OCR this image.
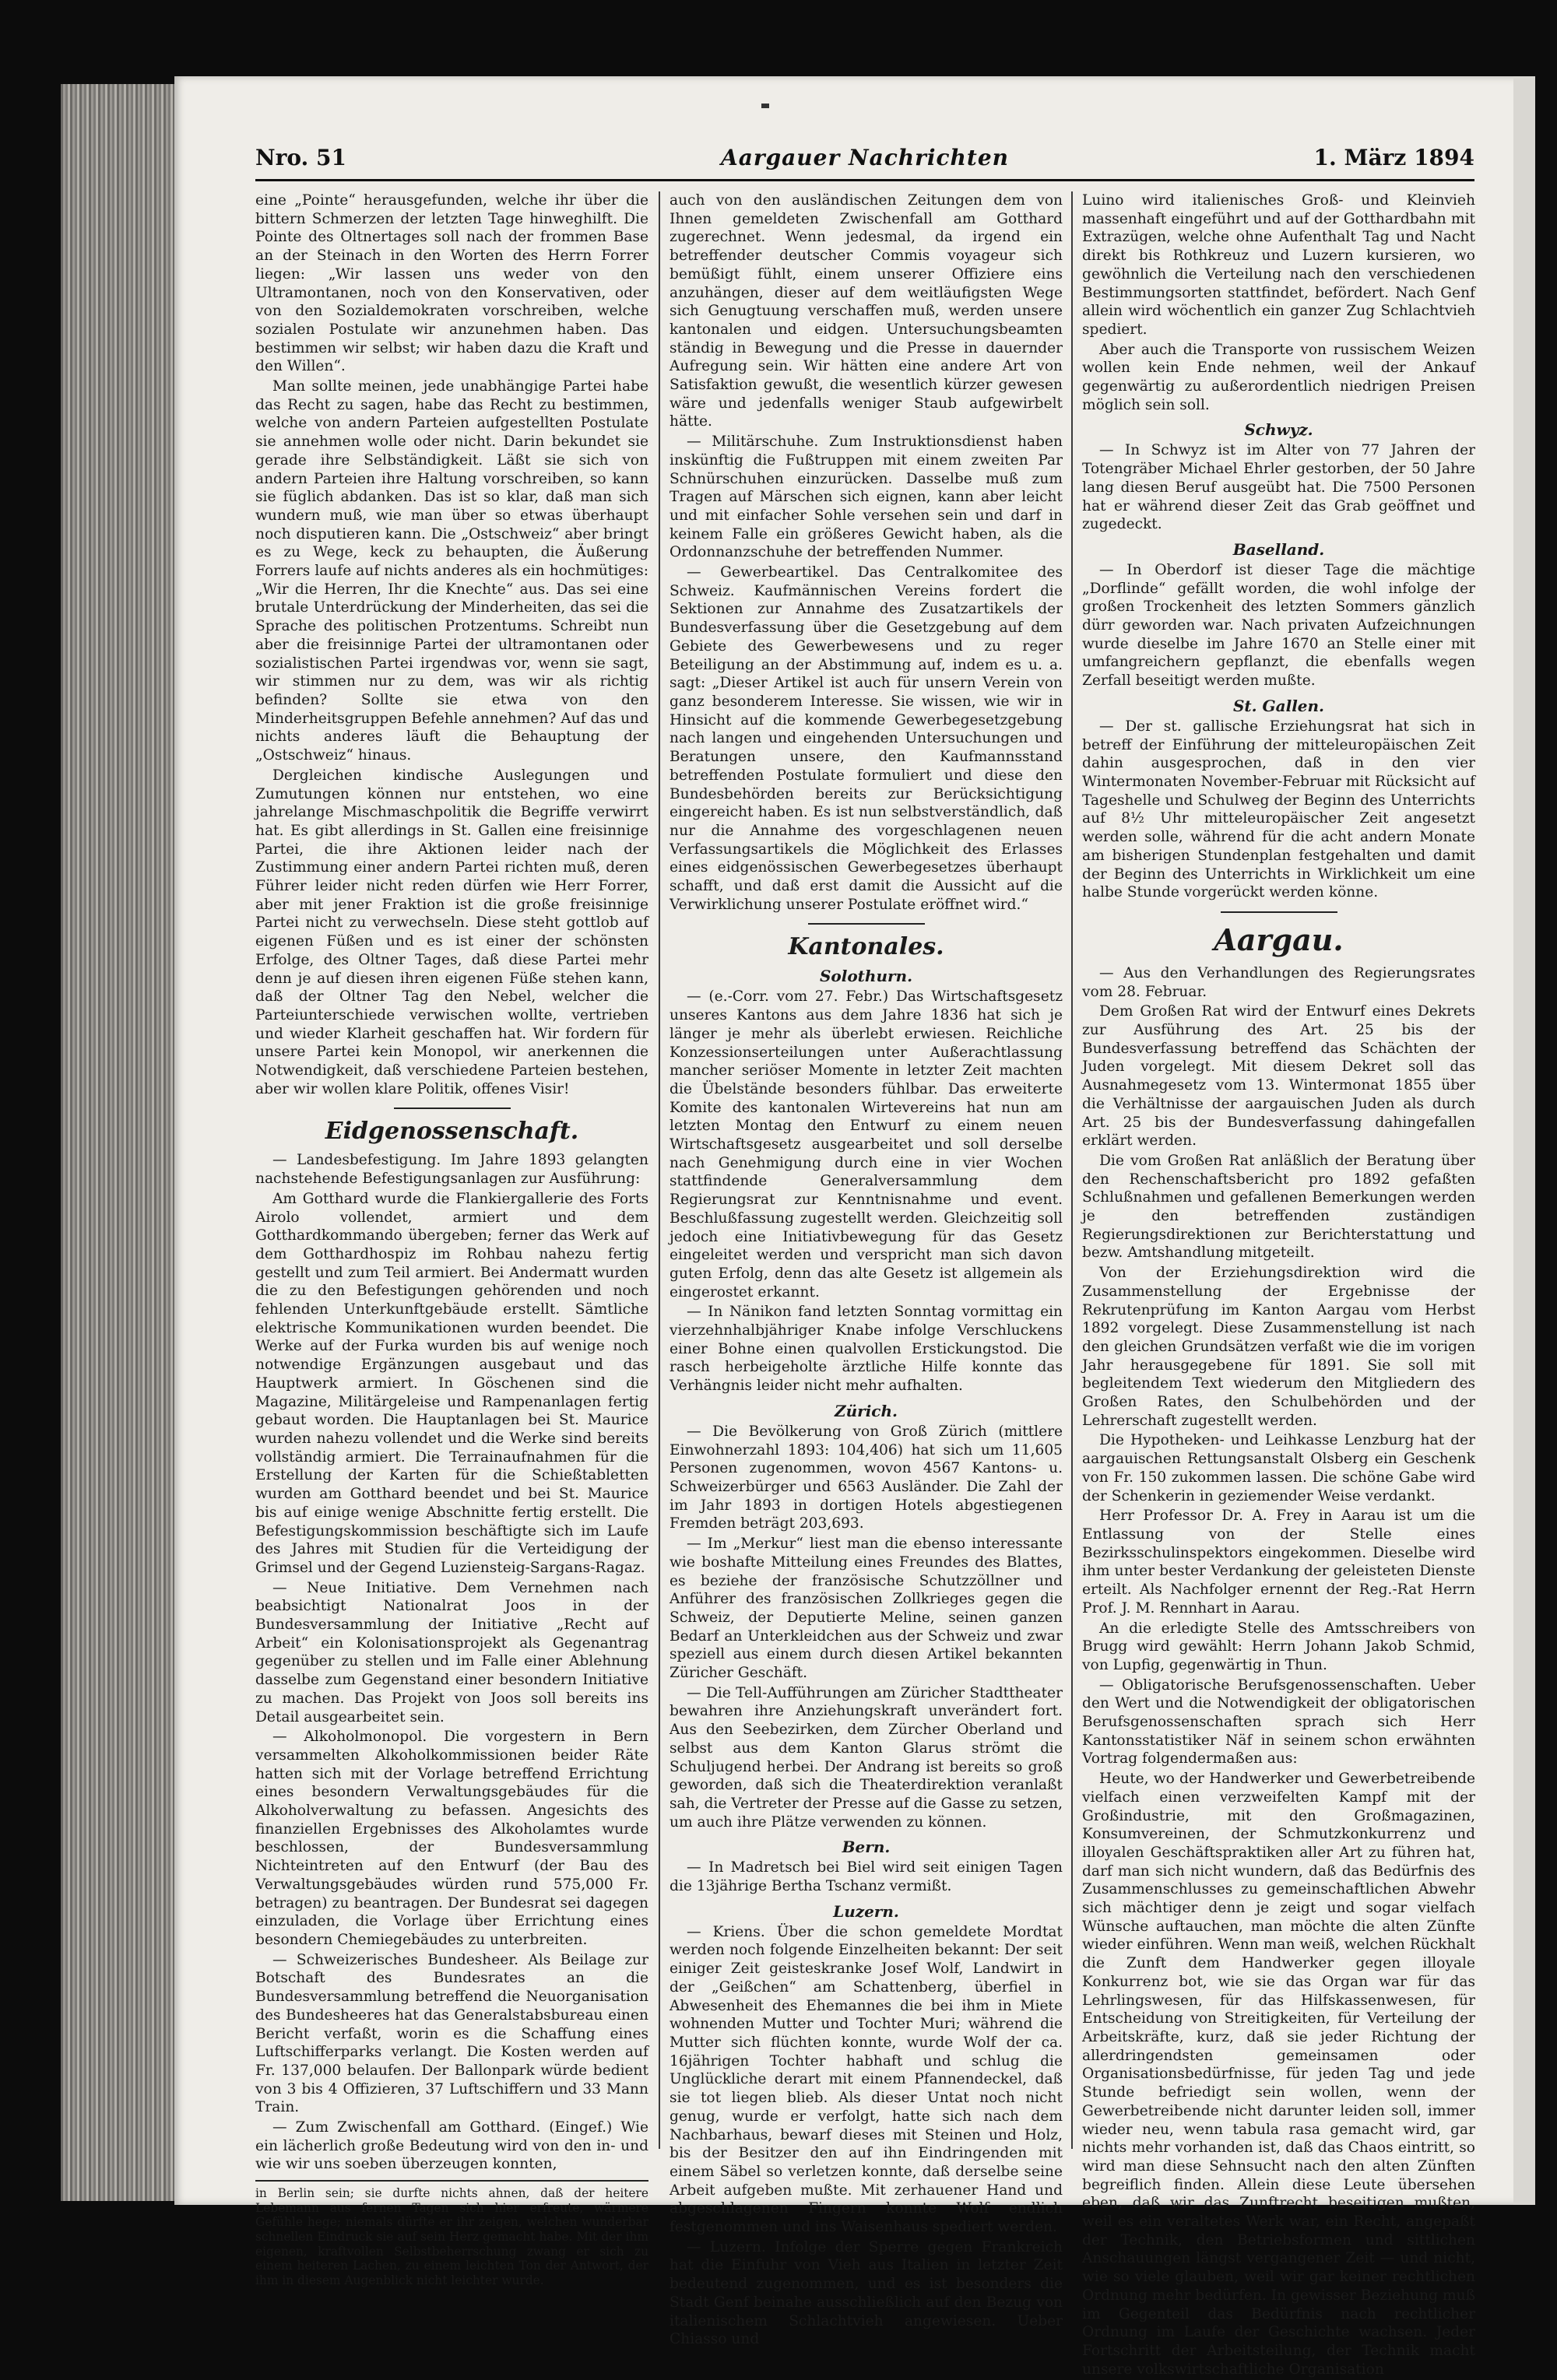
Nro. 51	Aargauer Nachrichten	1. März 1894

eine „Pointe“ herausgefunden, welche ihr über die bittern Schmerzen der letzten Tage hinweghilft. Die Pointe des Oltnertages soll nach der frommen Base an der Steinach in den Worten des Herrn Forrer liegen: „Wir lassen uns weder von den Ultramontanen, noch von den Konservativen, oder von den Sozialdemokraten vorschreiben, welche sozialen Postulate wir anzunehmen haben. Das bestimmen wir selbst; wir haben dazu die Kraft und den Willen“.

Man sollte meinen, jede unabhängige Partei habe das Recht zu sagen, habe das Recht zu bestimmen, welche von andern Parteien aufgestellten Postulate sie annehmen wolle oder nicht. Darin bekundet sie gerade ihre Selbständigkeit. Läßt sie sich von andern Parteien ihre Haltung vorschreiben, so kann sie füglich abdanken. Das ist so klar, daß man sich wundern muß, wie man über so etwas überhaupt noch disputieren kann. Die „Ostschweiz“ aber bringt es zu Wege, keck zu behaupten, die Äußerung Forrers laufe auf nichts anderes als ein hochmütiges: „Wir die Herren, Ihr die Knechte“ aus. Das sei eine brutale Unterdrückung der Minderheiten, das sei die Sprache des politischen Protzentums. Schreibt nun aber die freisinnige Partei der ultramontanen oder sozialistischen Partei irgendwas vor, wenn sie sagt, wir stimmen nur zu dem, was wir als richtig befinden? Sollte sie etwa von den Minderheitsgruppen Befehle annehmen? Auf das und nichts anderes läuft die Behauptung der „Ostschweiz“ hinaus.

Dergleichen kindische Auslegungen und Zumutungen können nur entstehen, wo eine jahrelange Mischmaschpolitik die Begriffe verwirrt hat. Es gibt allerdings in St. Gallen eine freisinnige Partei, die ihre Aktionen leider nach der Zustimmung einer andern Partei richten muß, deren Führer leider nicht reden dürfen wie Herr Forrer, aber mit jener Fraktion ist die große freisinnige Partei nicht zu verwechseln. Diese steht gottlob auf eigenen Füßen und es ist einer der schönsten Erfolge, des Oltner Tages, daß diese Partei mehr denn je auf diesen ihren eigenen Füße stehen kann, daß der Oltner Tag den Nebel, welcher die Parteiunterschiede verwischen wollte, vertrieben und wieder Klarheit geschaffen hat. Wir fordern für unsere Partei kein Monopol, wir anerkennen die Notwendigkeit, daß verschiedene Parteien bestehen, aber wir wollen klare Politik, offenes Visir!

Eidgenossenschaft.

— Landesbefestigung. Im Jahre 1893 gelangten nachstehende Befestigungsanlagen zur Ausführung:

Am Gotthard wurde die Flankiergallerie des Forts Airolo vollendet, armiert und dem Gotthardkommando übergeben; ferner das Werk auf dem Gotthardhospiz im Rohbau nahezu fertig gestellt und zum Teil armiert. Bei Andermatt wurden die zu den Befestigungen gehörenden und noch fehlenden Unterkunftgebäude erstellt. Sämtliche elektrische Kommunikationen wurden beendet. Die Werke auf der Furka wurden bis auf wenige noch notwendige Ergänzungen ausgebaut und das Hauptwerk armiert. In Göschenen sind die Magazine, Militärgeleise und Rampenanlagen fertig gebaut worden. Die Hauptanlagen bei St. Maurice wurden nahezu vollendet und die Werke sind bereits vollständig armiert. Die Terrainaufnahmen für die Erstellung der Karten für die Schießtabletten wurden am Gotthard beendet und bei St. Maurice bis auf einige wenige Abschnitte fertig erstellt. Die Befestigungskommission beschäftigte sich im Laufe des Jahres mit Studien für die Verteidigung der Grimsel und der Gegend Luziensteig-Sargans-Ragaz.

— Neue Initiative. Dem Vernehmen nach beabsichtigt Nationalrat Joos in der Bundesversammlung der Initiative „Recht auf Arbeit“ ein Kolonisationsprojekt als Gegenantrag gegenüber zu stellen und im Falle einer Ablehnung dasselbe zum Gegenstand einer besondern Initiative zu machen. Das Projekt von Joos soll bereits ins Detail ausgearbeitet sein.

— Alkoholmonopol. Die vorgestern in Bern versammelten Alkoholkommissionen beider Räte hatten sich mit der Vorlage betreffend Errichtung eines besondern Verwaltungsgebäudes für die Alkoholverwaltung zu befassen. Angesichts des finanziellen Ergebnisses des Alkoholamtes wurde beschlossen, der Bundesversammlung Nichteintreten auf den Entwurf (der Bau des Verwaltungsgebäudes würden rund 575,000 Fr. betragen) zu beantragen. Der Bundesrat sei dagegen einzuladen, die Vorlage über Errichtung eines besondern Chemiegebäudes zu unterbreiten.

— Schweizerisches Bundesheer. Als Beilage zur Botschaft des Bundesrates an die Bundesversammlung betreffend die Neuorganisation des Bundesheeres hat das Generalstabsbureau einen Bericht verfaßt, worin es die Schaffung eines Luftschifferparks verlangt. Die Kosten werden auf Fr. 137,000 belaufen. Der Ballonpark würde bedient von 3 bis 4 Offizieren, 37 Luftschiffern und 33 Mann Train.

— Zum Zwischenfall am Gotthard. (Eingef.) Wie ein lächerlich große Bedeutung wird von den in- und wie wir uns soeben überzeugen konnten,

in Berlin sein; sie durfte nichts ahnen, daß der heitere Lebemann aus fernen Tagen sich hier erfreute, wärmere Gefühle hege; niemals dürfte er ihr zeigen, welchen wunderbar schnellen Eindruck sie auf sein Herz gemacht habe. Mit der ihm eigenen, kraftvollen Selbstbeherrschung zwang er sich zu einem heiteren Lachen, zu einem leichten Ton der Antwort, der ihm in diesem Augenblick nicht leichter wurde.

auch von den ausländischen Zeitungen dem von Ihnen gemeldeten Zwischenfall am Gotthard zugerechnet. Wenn jedesmal, da irgend ein betreffender deutscher Commis voyageur sich bemüßigt fühlt, einem unserer Offiziere eins anzuhängen, dieser auf dem weitläufigsten Wege sich Genugtuung verschaffen muß, werden unsere kantonalen und eidgen. Untersuchungsbeamten ständig in Bewegung und die Presse in dauernder Aufregung sein. Wir hätten eine andere Art von Satisfaktion gewußt, die wesentlich kürzer gewesen wäre und jedenfalls weniger Staub aufgewirbelt hätte.

— Militärschuhe. Zum Instruktionsdienst haben inskünftig die Fußtruppen mit einem zweiten Par Schnürschuhen einzurücken. Dasselbe muß zum Tragen auf Märschen sich eignen, kann aber leicht und mit einfacher Sohle versehen sein und darf in keinem Falle ein größeres Gewicht haben, als die Ordonnanzschuhe der betreffenden Nummer.

— Gewerbeartikel. Das Centralkomitee des Schweiz. Kaufmännischen Vereins fordert die Sektionen zur Annahme des Zusatzartikels der Bundesverfassung über die Gesetzgebung auf dem Gebiete des Gewerbewesens und zu reger Beteiligung an der Abstimmung auf, indem es u. a. sagt: „Dieser Artikel ist auch für unsern Verein von ganz besonderem Interesse. Sie wissen, wie wir in Hinsicht auf die kommende Gewerbegesetzgebung nach langen und eingehenden Untersuchungen und Beratungen unsere, den Kaufmannsstand betreffenden Postulate formuliert und diese den Bundesbehörden bereits zur Berücksichtigung eingereicht haben. Es ist nun selbstverständlich, daß nur die Annahme des vorgeschlagenen neuen Verfassungsartikels die Möglichkeit des Erlasses eines eidgenössischen Gewerbegesetzes überhaupt schafft, und daß erst damit die Aussicht auf die Verwirklichung unserer Postulate eröffnet wird.“

Kantonales.
Solothurn.

— (e.-Corr. vom 27. Febr.) Das Wirtschaftsgesetz unseres Kantons aus dem Jahre 1836 hat sich je länger je mehr als überlebt erwiesen. Reichliche Konzessionserteilungen unter Außerachtlassung mancher seriöser Momente in letzter Zeit machten die Übelstände besonders fühlbar. Das erweiterte Komite des kantonalen Wirtevereins hat nun am letzten Montag den Entwurf zu einem neuen Wirtschaftsgesetz ausgearbeitet und soll derselbe nach Genehmigung durch eine in vier Wochen stattfindende Generalversammlung dem Regierungsrat zur Kenntnisnahme und event. Beschlußfassung zugestellt werden. Gleichzeitig soll jedoch eine Initiativbewegung für das Gesetz eingeleitet werden und verspricht man sich davon guten Erfolg, denn das alte Gesetz ist allgemein als eingerostet erkannt.

— In Nänikon fand letzten Sonntag vormittag ein vierzehnhalbjähriger Knabe infolge Verschluckens einer Bohne einen qualvollen Erstickungstod. Die rasch herbeigeholte ärztliche Hilfe konnte das Verhängnis leider nicht mehr aufhalten.

Zürich.

— Die Bevölkerung von Groß Zürich (mittlere Einwohnerzahl 1893: 104,406) hat sich um 11,605 Personen zugenommen, wovon 4567 Kantons- u. Schweizerbürger und 6563 Ausländer. Die Zahl der im Jahr 1893 in dortigen Hotels abgestiegenen Fremden beträgt 203,693.

— Im „Merkur“ liest man die ebenso interessante wie boshafte Mitteilung eines Freundes des Blattes, es beziehe der französische Schutzzöllner und Anführer des französischen Zollkrieges gegen die Schweiz, der Deputierte Meline, seinen ganzen Bedarf an Unterkleidchen aus der Schweiz und zwar speziell aus einem durch diesen Artikel bekannten Züricher Geschäft.

— Die Tell-Aufführungen am Züricher Stadttheater bewahren ihre Anziehungskraft unverändert fort. Aus den Seebezirken, dem Zürcher Oberland und selbst aus dem Kanton Glarus strömt die Schuljugend herbei. Der Andrang ist bereits so groß geworden, daß sich die Theaterdirektion veranlaßt sah, die Vertreter der Presse auf die Gasse zu setzen, um auch ihre Plätze verwenden zu können.

Bern.

— In Madretsch bei Biel wird seit einigen Tagen die 13jährige Bertha Tschanz vermißt.

Luzern.

— Kriens. Über die schon gemeldete Mordtat werden noch folgende Einzelheiten bekannt: Der seit einiger Zeit geisteskranke Josef Wolf, Landwirt in der „Geißchen“ am Schattenberg, überfiel in Abwesenheit des Ehemannes die bei ihm in Miete wohnenden Mutter und Tochter Muri; während die Mutter sich flüchten konnte, wurde Wolf der ca. 16jährigen Tochter habhaft und schlug die Unglückliche derart mit einem Pfannendeckel, daß sie tot liegen blieb. Als dieser Untat noch nicht genug, wurde er verfolgt, hatte sich nach dem Nachbarhaus, bewarf dieses mit Steinen und Holz, bis der Besitzer den auf ihn Eindringenden mit einem Säbel so verletzen konnte, daß derselbe seine Arbeit aufgeben mußte. Mit zerhauener Hand und abgeschlagenen Fingern konnte Wolf endlich festgenommen und ins Waisenhaus spediert werden.

— Luzern. Infolge der Sperre gegen Frankreich hat die Einfuhr von Vieh aus Italien in letzter Zeit bedeutend zugenommen, und es ist besonders die Stadt Genf beinahe ausschließlich auf den Bezug von italienischem Schlachtvieh angewiesen. Ueber Chiasso und

Luino wird italienisches Groß- und Kleinvieh massenhaft eingeführt und auf der Gotthardbahn mit Extrazügen, welche ohne Aufenthalt Tag und Nacht direkt bis Rothkreuz und Luzern kursieren, wo gewöhnlich die Verteilung nach den verschiedenen Bestimmungsorten stattfindet, befördert. Nach Genf allein wird wöchentlich ein ganzer Zug Schlachtvieh spediert.

Aber auch die Transporte von russischem Weizen wollen kein Ende nehmen, weil der Ankauf gegenwärtig zu außerordentlich niedrigen Preisen möglich sein soll.

Schwyz.

— In Schwyz ist im Alter von 77 Jahren der Totengräber Michael Ehrler gestorben, der 50 Jahre lang diesen Beruf ausgeübt hat. Die 7500 Personen hat er während dieser Zeit das Grab geöffnet und zugedeckt.

Baselland.

— In Oberdorf ist dieser Tage die mächtige „Dorflinde“ gefällt worden, die wohl infolge der großen Trockenheit des letzten Sommers gänzlich dürr geworden war. Nach privaten Aufzeichnungen wurde dieselbe im Jahre 1670 an Stelle einer mit umfangreichern gepflanzt, die ebenfalls wegen Zerfall beseitigt werden mußte.

St. Gallen.

— Der st. gallische Erziehungsrat hat sich in betreff der Einführung der mitteleuropäischen Zeit dahin ausgesprochen, daß in den vier Wintermonaten November-Februar mit Rücksicht auf Tageshelle und Schulweg der Beginn des Unterrichts auf 8½ Uhr mitteleuropäischer Zeit angesetzt werden solle, während für die acht andern Monate am bisherigen Stundenplan festgehalten und damit der Beginn des Unterrichts in Wirklichkeit um eine halbe Stunde vorgerückt werden könne.

Aargau.

— Aus den Verhandlungen des Regierungsrates vom 28. Februar.

Dem Großen Rat wird der Entwurf eines Dekrets zur Ausführung des Art. 25 bis der Bundesverfassung betreffend das Schächten der Juden vorgelegt. Mit diesem Dekret soll das Ausnahmegesetz vom 13. Wintermonat 1855 über die Verhältnisse der aargauischen Juden als durch Art. 25 bis der Bundesverfassung dahingefallen erklärt werden.

Die vom Großen Rat anläßlich der Beratung über den Rechenschaftsbericht pro 1892 gefaßten Schlußnahmen und gefallenen Bemerkungen werden je den betreffenden zuständigen Regierungsdirektionen zur Berichterstattung und bezw. Amtshandlung mitgeteilt.

Von der Erziehungsdirektion wird die Zusammenstellung der Ergebnisse der Rekrutenprüfung im Kanton Aargau vom Herbst 1892 vorgelegt. Diese Zusammenstellung ist nach den gleichen Grundsätzen verfaßt wie die im vorigen Jahr herausgegebene für 1891. Sie soll mit begleitendem Text wiederum den Mitgliedern des Großen Rates, den Schulbehörden und der Lehrerschaft zugestellt werden.

Die Hypotheken- und Leihkasse Lenzburg hat der aargauischen Rettungsanstalt Olsberg ein Geschenk von Fr. 150 zukommen lassen. Die schöne Gabe wird der Schenkerin in geziemender Weise verdankt.

Herr Professor Dr. A. Frey in Aarau ist um die Entlassung von der Stelle eines Bezirksschulinspektors eingekommen. Dieselbe wird ihm unter bester Verdankung der geleisteten Dienste erteilt. Als Nachfolger ernennt der Reg.-Rat Herrn Prof. J. M. Rennhart in Aarau.

An die erledigte Stelle des Amtsschreibers von Brugg wird gewählt: Herrn Johann Jakob Schmid, von Lupfig, gegenwärtig in Thun.

— Obligatorische Berufsgenossenschaften. Ueber den Wert und die Notwendigkeit der obligatorischen Berufsgenossenschaften sprach sich Herr Kantonsstatistiker Näf in seinem schon erwähnten Vortrag folgendermaßen aus:

Heute, wo der Handwerker und Gewerbetreibende vielfach einen verzweifelten Kampf mit der Großindustrie, mit den Großmagazinen, Konsumvereinen, der Schmutzkonkurrenz und illoyalen Geschäftspraktiken aller Art zu führen hat, darf man sich nicht wundern, daß das Bedürfnis des Zusammenschlusses zu gemeinschaftlichen Abwehr sich mächtiger denn je zeigt und sogar vielfach Wünsche auftauchen, man möchte die alten Zünfte wieder einführen. Wenn man weiß, welchen Rückhalt die Zunft dem Handwerker gegen illoyale Konkurrenz bot, wie sie das Organ war für das Lehrlingswesen, für das Hilfskassenwesen, für Entscheidung von Streitigkeiten, für Verteilung der Arbeitskräfte, kurz, daß sie jeder Richtung der allerdringendsten gemeinsamen oder Organisationsbedürfnisse, für jeden Tag und jede Stunde befriedigt sein wollen, wenn der Gewerbetreibende nicht darunter leiden soll, immer wieder neu, wenn tabula rasa gemacht wird, gar nichts mehr vorhanden ist, daß das Chaos eintritt, so wird man diese Sehnsucht nach den alten Zünften begreiflich finden. Allein diese Leute übersehen eben, daß wir das Zunftrecht beseitigen mußten, weil es ein veraltetes Werk war, ein Recht, angepaßt der Technik, den Betriebsformen und sittlichen Anschauungen längst vergangener Zeit — und nicht, wie so viele glauben, weil wir gar keiner rechtlichen Ordnung mehr bedürfen. In gewisser Beziehung muß im Gegenteil das Bedürfnis nach rechtlicher Ordnung im Laufe der Geschichte wachsen. Jeder Fortschritt der Arbeitsteilung, der Technik macht unsere volkswirtschaftliche Organisation
